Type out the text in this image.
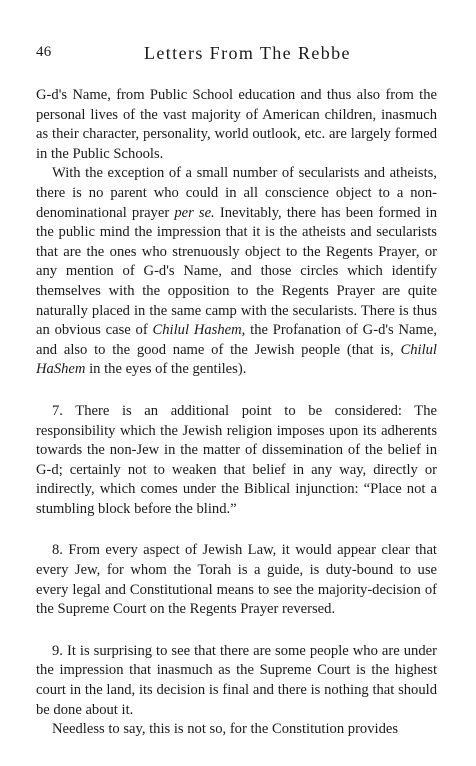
46	Letters From The Rebbe

G-d's Name, from Public School education and thus also from the personal lives of the vast majority of American children, inasmuch as their character, personality, world outlook, etc. are largely formed in the Public Schools.

With the exception of a small number of secularists and atheists, there is no parent who could in all conscience object to a non-denominational prayer per se. Inevitably, there has been formed in the public mind the impression that it is the atheists and secularists that are the ones who strenuously object to the Regents Prayer, or any mention of G-d's Name, and those circles which identify themselves with the opposition to the Regents Prayer are quite naturally placed in the same camp with the secularists. There is thus an obvious case of Chilul Hashem, the Profanation of G-d's Name, and also to the good name of the Jewish people (that is, Chilul HaShem in the eyes of the gentiles).

7. There is an additional point to be considered: The responsibility which the Jewish religion imposes upon its adherents towards the non-Jew in the matter of dissemination of the belief in G-d; certainly not to weaken that belief in any way, directly or indirectly, which comes under the Biblical injunction: “Place not a stumbling block before the blind.”

8. From every aspect of Jewish Law, it would appear clear that every Jew, for whom the Torah is a guide, is duty-bound to use every legal and Constitutional means to see the majority-decision of the Supreme Court on the Regents Prayer reversed.

9. It is surprising to see that there are some people who are under the impression that inasmuch as the Supreme Court is the highest court in the land, its decision is final and there is nothing that should be done about it.

Needless to say, this is not so, for the Constitution provides
